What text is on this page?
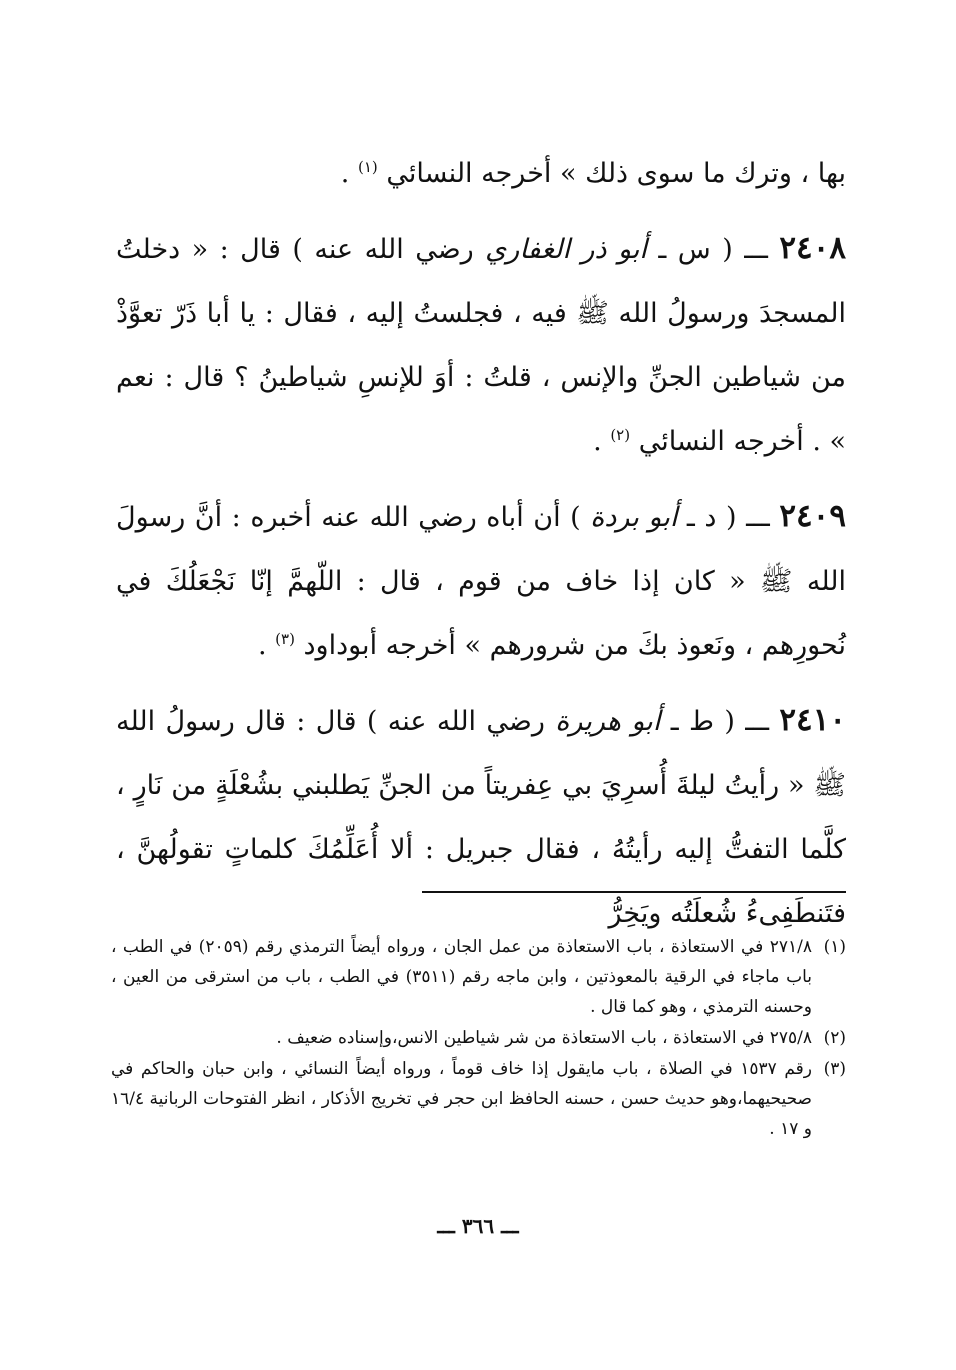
بها ، وترك ما سوى ذلك » أخرجه النسائي $^{(١)}$ .

٢٤٠٨ ـــ ( س ـ أبو ذر الغفاري رضي الله عنه ) قال : « دخلتُ المسجدَ ورسولُ الله ﷺ فيه ، فجلستُ إليه ، فقال : يا أبا ذَرّ تعوَّذْ من شياطين الجنِّ والإنس ، قلتُ : أوَ للإنسِ شياطينُ ؟ قال : نعم » . أخرجه النسائي $^{(٢)}$ .

٢٤٠٩ ـــ ( د ـ أبو بردة ) أن أباه رضي الله عنه أخبره : أنَّ رسولَ الله ﷺ « كان إذا خاف من قوم ، قال : اللّهمَّ إنّا نَجْعَلُكَ في نُحورِهم ، ونَعوذ بكَ من شرورهم » أخرجه أبوداود $^{(٣)}$ .

٢٤١٠ ـــ ( ط ـ أبو هريرة رضي الله عنه ) قال : قال رسولُ الله ﷺ « رأيتُ ليلةَ أُسرِيَ بي عِفريتاً من الجنِّ يَطلبني بشُعْلَةٍ من نَارٍ ، كلَّما التفتُّ إليه رأيتُهُ ، فقال جبريل : ألا أُعَلِّمُكَ كلماتٍ تقولُهنَّ ، فتَنطَفِىءُ شُعلَتُه ويَخِرُّ

(١)
٢٧١/٨ في الاستعاذة ، باب الاستعاذة من عمل الجان ، ورواه أيضاً الترمذي رقم (٢٠٥٩) في الطب ، باب ماجاء في الرقية بالمعوذتين ، وابن ماجه رقم (٣٥١١) في الطب ، باب من استرقى من العين ، وحسنه الترمذي ، وهو كما قال .

(٢)
٢٧٥/٨ في الاستعاذة ، باب الاستعاذة من شر شياطين الانس،وإسناده ضعيف .

(٣)
رقم ١٥٣٧ في الصلاة ، باب مايقول إذا خاف قوماً ، ورواه أيضاً النسائي ، وابن حبان والحاكم في صحيحيهما،وهو حديث حسن ، حسنه الحافظ ابن حجر في تخريج الأذكار ، انظر الفتوحات الربانية ١٦/٤ و ١٧ .

ـــ ٣٦٦ ـــ
